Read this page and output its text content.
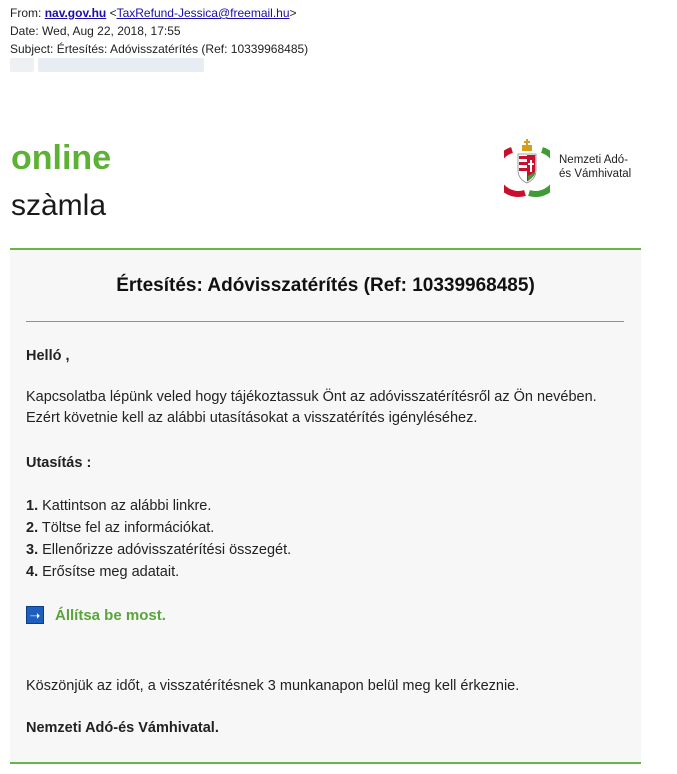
From: nav.gov.hu <TaxRefund-Jessica@freemail.hu>
Date: Wed, Aug 22, 2018, 17:55
Subject: Értesítés: Adóvisszatérítés (Ref: 10339968485)
online
szàmla
Nemzeti Adó-
és Vámhivatal
Értesítés: Adóvisszatérítés (Ref: 10339968485)
Helló ,
Kapcsolatba lépünk veled hogy tájékoztassuk Önt az adóvisszatérítésről az Ön nevében.
Ezért követnie kell az alábbi utasításokat a visszatérítés igényléséhez.
Utasítás :
1. Kattintson az alábbi linkre.
2. Töltse fel az információkat.
3. Ellenőrizze adóvisszatérítési összegét.
4. Erősítse meg adatait.
➝ Állítsa be most.
Köszönjük az időt, a visszatérítésnek 3 munkanapon belül meg kell érkeznie.
Nemzeti Adó-és Vámhivatal.
